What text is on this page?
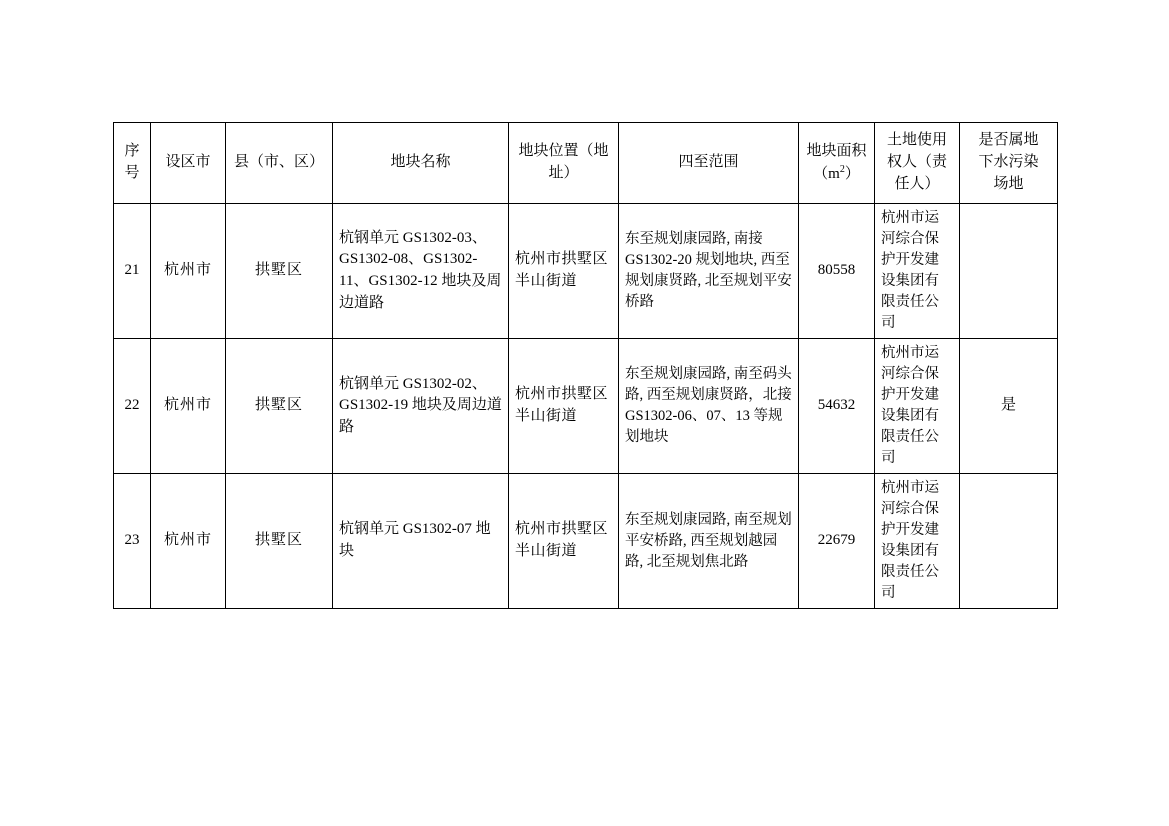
序 号	设区市	县（市、区）	地块名称	地块位置（地
址）	四至范围	地块面积
$(m^2)$	土地使用
权人（责
任人）	是否属地
下水污染
场地

21	杭州市	拱墅区	杭钢单元 GS1302-03、GS1302-08、GS1302-11、GS1302-12 地块及周边道路	杭州市拱墅区半山街道	东至规划康园路, 南接GS1302-20 规划地块, 西至规划康贤路, 北至规划平安桥路	80558	杭州市运河综合保护开发建设集团有限责任公司	
22	杭州市	拱墅区	杭钢单元 GS1302-02、GS1302-19 地块及周边道路	杭州市拱墅区半山街道	东至规划康园路, 南至码头路, 西至规划康贤路，北接 GS1302-06、07、13 等规划地块	54632	杭州市运河综合保护开发建设集团有限责任公司	是
23	杭州市	拱墅区	杭钢单元 GS1302-07 地块	杭州市拱墅区半山街道	东至规划康园路, 南至规划平安桥路, 西至规划越园路, 北至规划焦北路	22679	杭州市运河综合保护开发建设集团有限责任公司	
